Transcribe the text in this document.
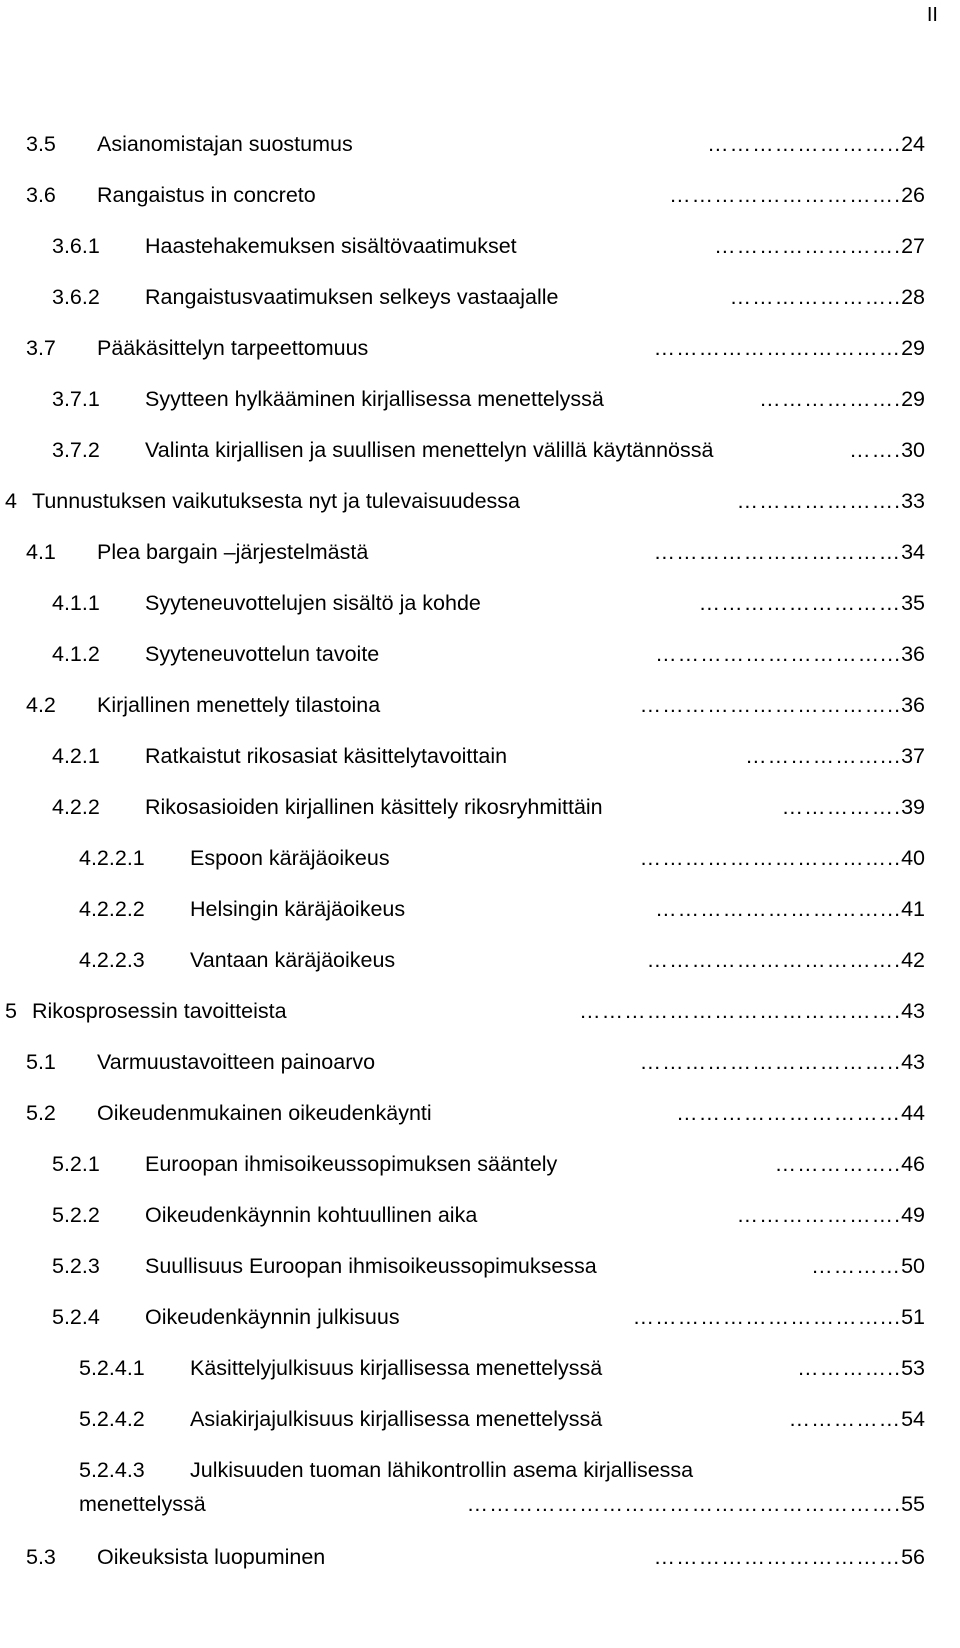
II
3.5 Asianomistajan suostumus	24
……………………..
3.6 Rangaistus in concreto	26
………………………….
3.6.1 Haastehakemuksen sisältövaatimukset	27
…………………….
3.6.2 Rangaistusvaatimuksen selkeys vastaajalle	28
…………………..
3.7 Pääkäsittelyn tarpeettomuus	29
……………………………
3.7.1 Syytteen hylkääminen kirjallisessa menettelyssä	29
……………….
3.7.2 Valinta kirjallisen ja suullisen menettelyn välillä käytännössä	30
…….
4 Tunnustuksen vaikutuksesta nyt ja tulevaisuudessa	33
………………….
4.1 Plea bargain –järjestelmästä	34
……………………………
4.1.1 Syyteneuvottelujen sisältö ja kohde	35
………………………
4.1.2 Syyteneuvottelun tavoite	36
…………………………...
4.2 Kirjallinen menettely tilastoina	36
……………………………..
4.2.1 Ratkaistut rikosasiat käsittelytavoittain	37
………………...
4.2.2 Rikosasioiden kirjallinen käsittely rikosryhmittäin	39
…………….
4.2.2.1 Espoon käräjäoikeus	40
……………………………..
4.2.2.2 Helsingin käräjäoikeus	41
…………………………...
4.2.2.3 Vantaan käräjäoikeus	42
…………………………….
5 Rikosprosessin tavoitteista	43
…………………………………….
5.1 Varmuustavoitteen painoarvo	43
……………………………..
5.2 Oikeudenmukainen oikeudenkäynti	44
…………………………
5.2.1 Euroopan ihmisoikeussopimuksen sääntely	46
……………..
5.2.2 Oikeudenkäynnin kohtuullinen aika	49
………………….
5.2.3 Suullisuus Euroopan ihmisoikeussopimuksessa	50
…………
5.2.4 Oikeudenkäynnin julkisuus	51
……………………………...
5.2.4.1 Käsittelyjulkisuus kirjallisessa menettelyssä	53
…………..
5.2.4.2 Asiakirjajulkisuus kirjallisessa menettelyssä	54
……………
5.2.4.3 Julkisuuden tuoman lähikontrollin asema kirjallisessa
menettelyssä	55
………………………………………………….
5.3 Oikeuksista luopuminen	56
……………………………
